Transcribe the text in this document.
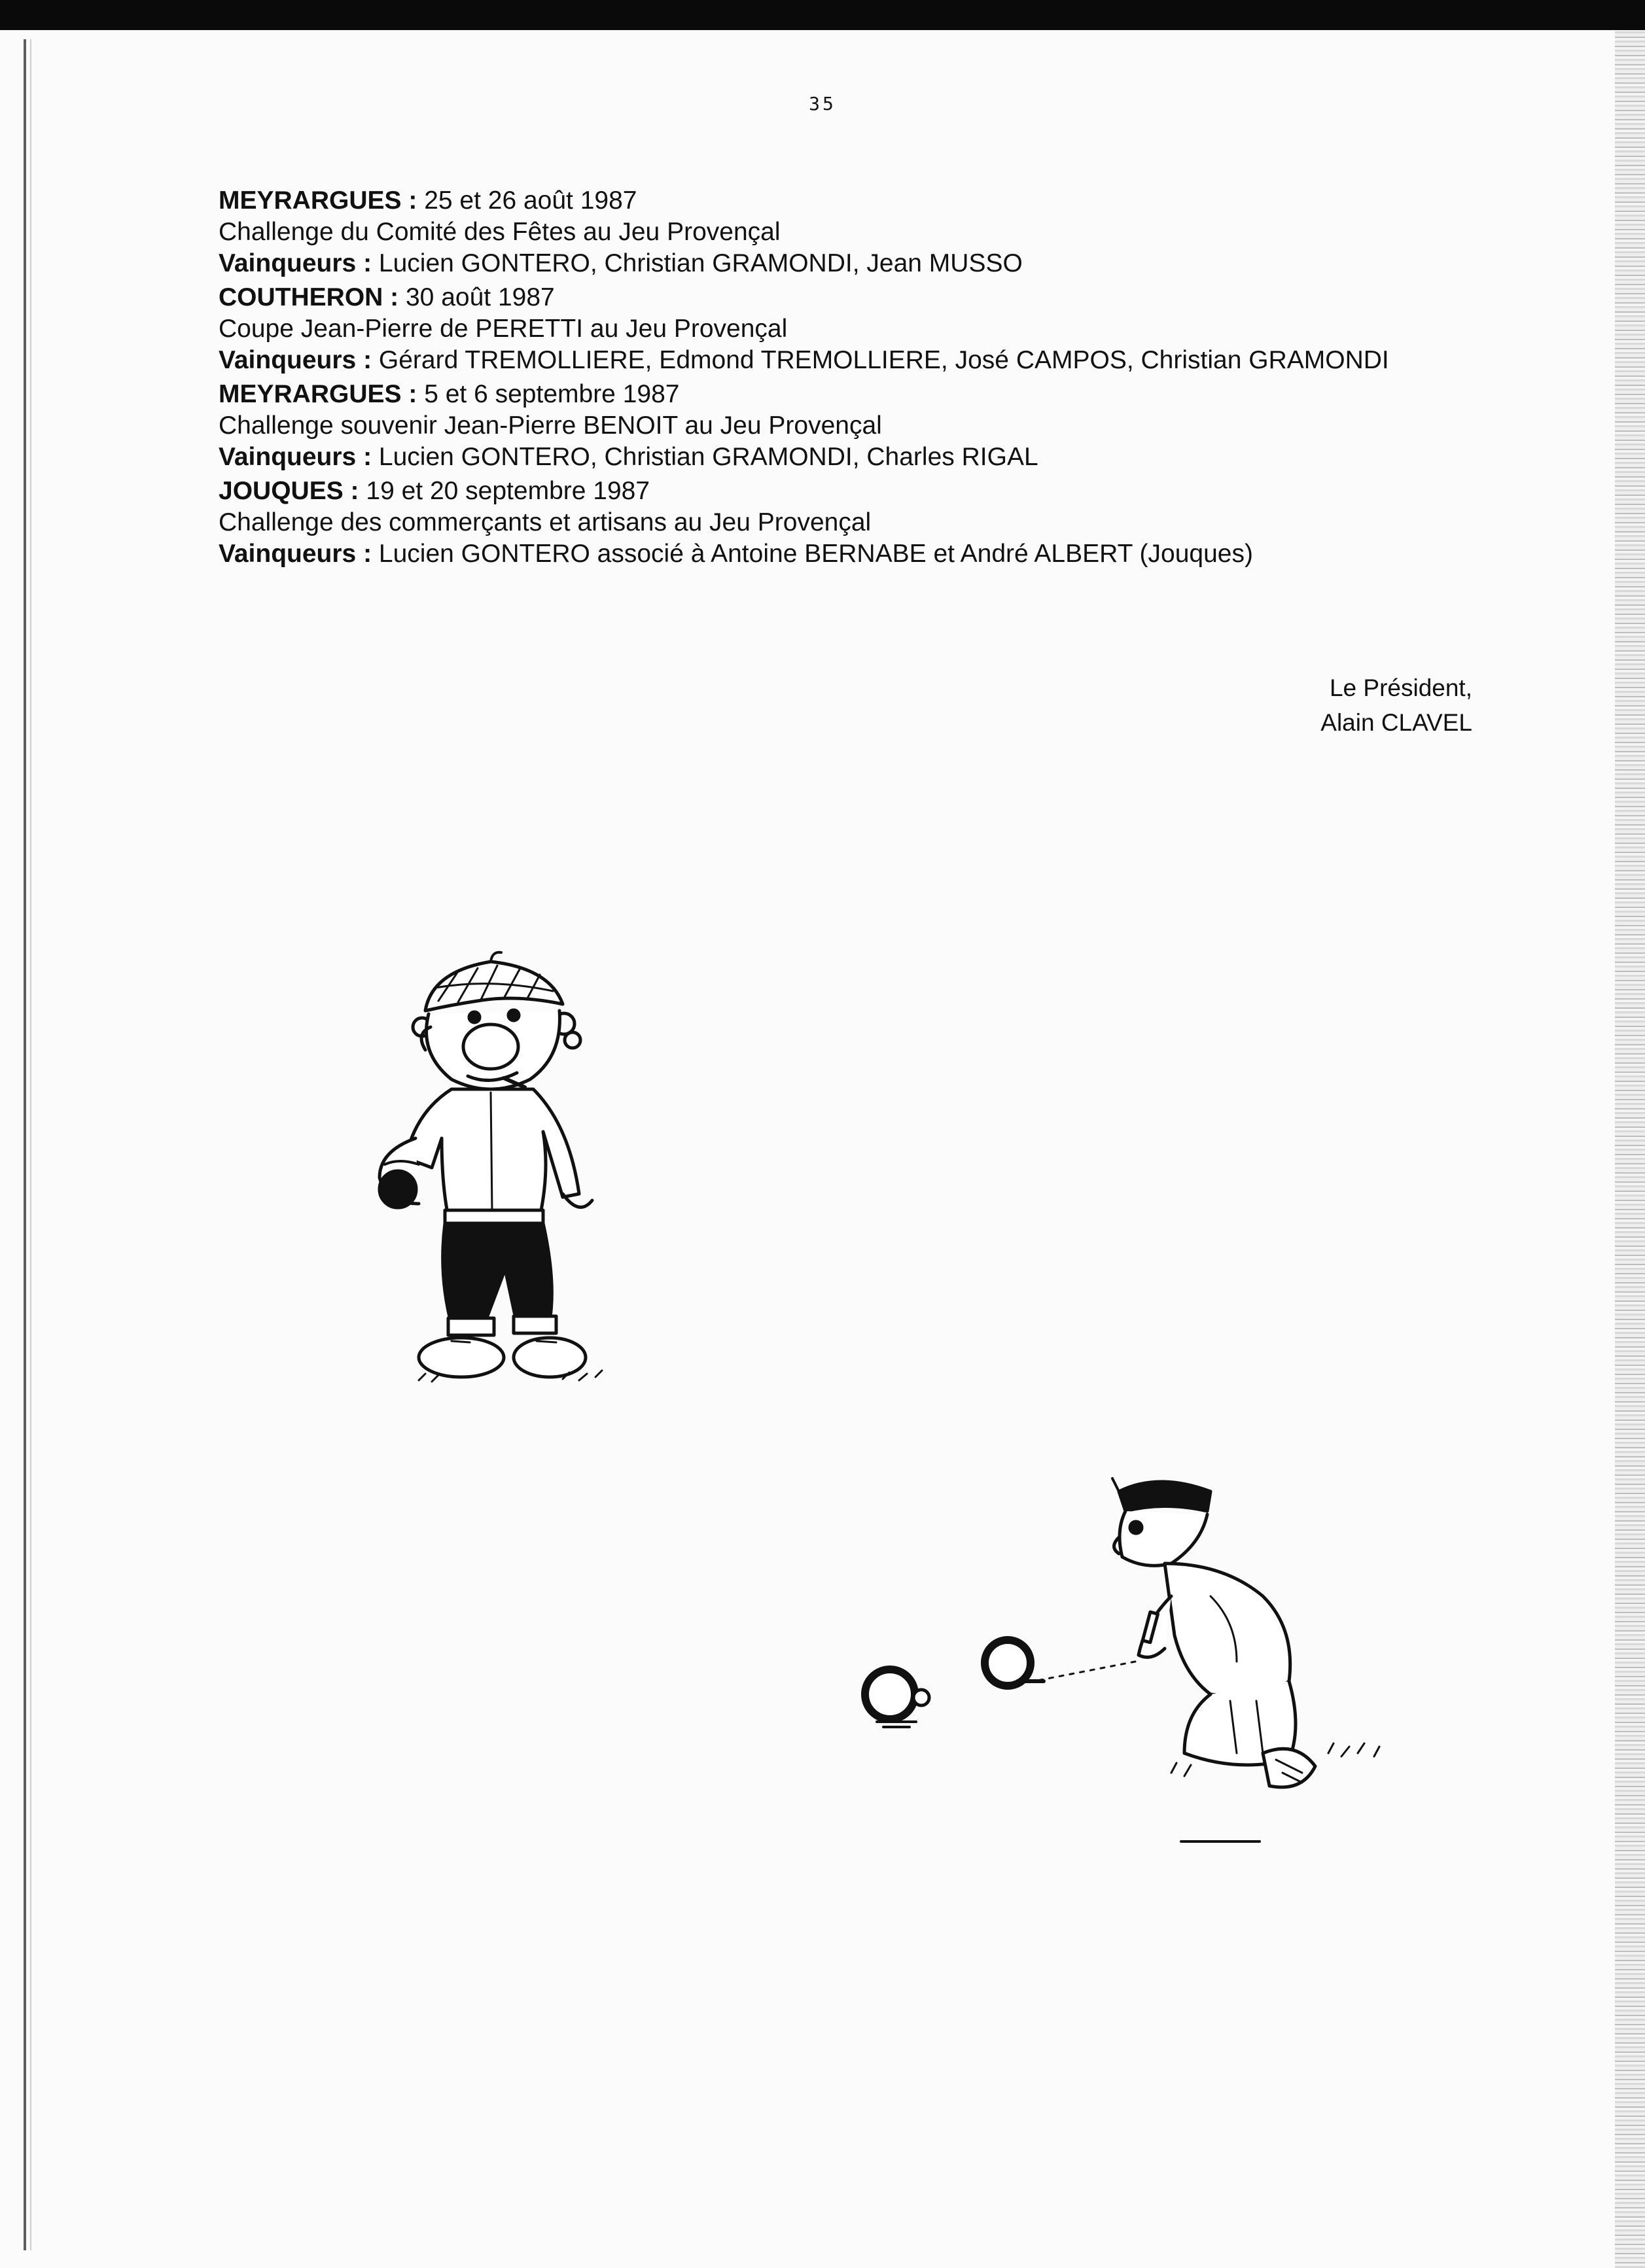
35
MEYRARGUES : 25 et 26 août 1987
Challenge du Comité des Fêtes au Jeu Provençal
Vainqueurs : Lucien GONTERO, Christian GRAMONDI, Jean MUSSO
COUTHERON : 30 août 1987
Coupe Jean-Pierre de PERETTI au Jeu Provençal
Vainqueurs : Gérard TREMOLLIERE, Edmond TREMOLLIERE, José CAMPOS, Christian GRAMONDI
MEYRARGUES : 5 et 6 septembre 1987
Challenge souvenir Jean-Pierre BENOIT au Jeu Provençal
Vainqueurs : Lucien GONTERO, Christian GRAMONDI, Charles RIGAL
JOUQUES : 19 et 20 septembre 1987
Challenge des commerçants et artisans au Jeu Provençal
Vainqueurs : Lucien GONTERO associé à Antoine BERNABE et André ALBERT (Jouques)
Le Président,
Alain CLAVEL
